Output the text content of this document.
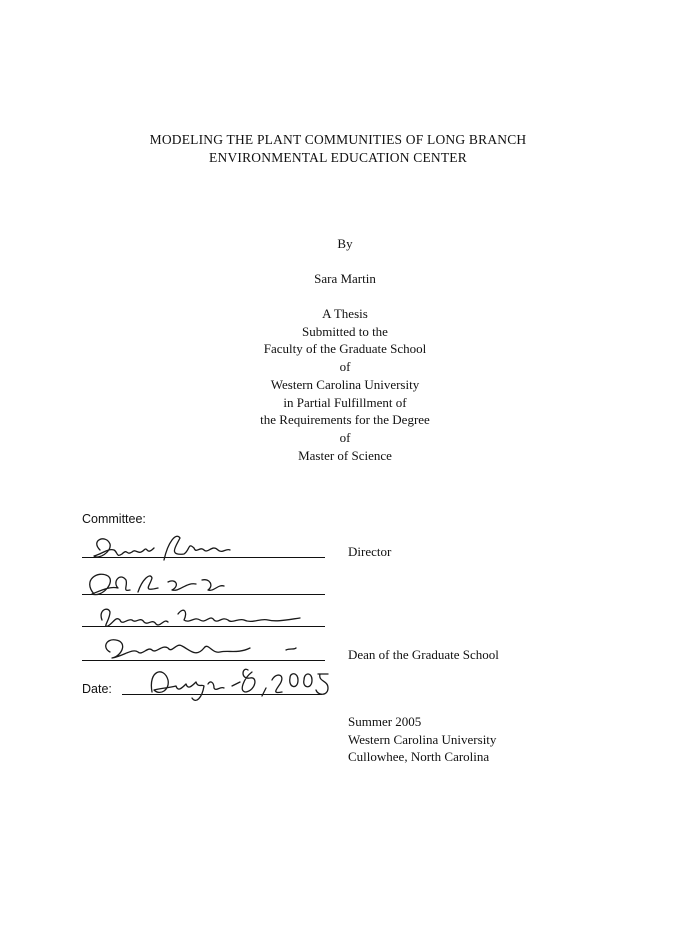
MODELING THE PLANT COMMUNITIES OF LONG BRANCH
ENVIRONMENTAL EDUCATION CENTER
By
Sara Martin
A Thesis
Submitted to the
Faculty of the Graduate School
of
Western Carolina University
in Partial Fulfillment of
the Requirements for the Degree
of
Master of Science
Committee:
Director
Dean of the Graduate School
Date:
Summer 2005
Western Carolina University
Cullowhee, North Carolina
